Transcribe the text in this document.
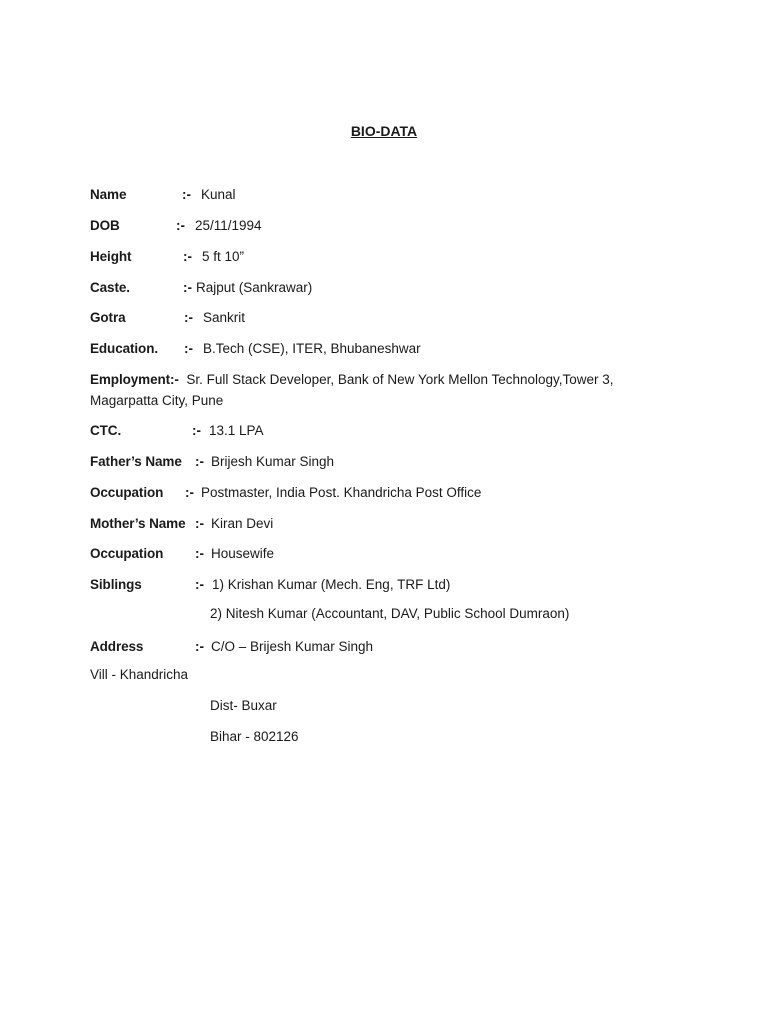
BIO-DATA
Name	:- Kunal
DOB	:- 25/11/1994
Height	:- 5 ft 10”
Caste.	:- Rajput (Sankrawar)
Gotra	:- Sankrit
Education. :- B.Tech (CSE), ITER, Bhubaneshwar
Employment:- Sr. Full Stack Developer, Bank of New York Mellon Technology,Tower 3, Magarpatta City, Pune
CTC.	:- 13.1 LPA
Father’s Name :- Brijesh Kumar Singh
Occupation :- Postmaster, India Post. Khandricha Post Office
Mother’s Name :- Kiran Devi
Occupation :- Housewife
Siblings	:- 1) Krishan Kumar (Mech. Eng, TRF Ltd)
2) Nitesh Kumar (Accountant, DAV, Public School Dumraon)
Address	:- C/O – Brijesh Kumar Singh
Vill - Khandricha
Dist- Buxar
Bihar - 802126
